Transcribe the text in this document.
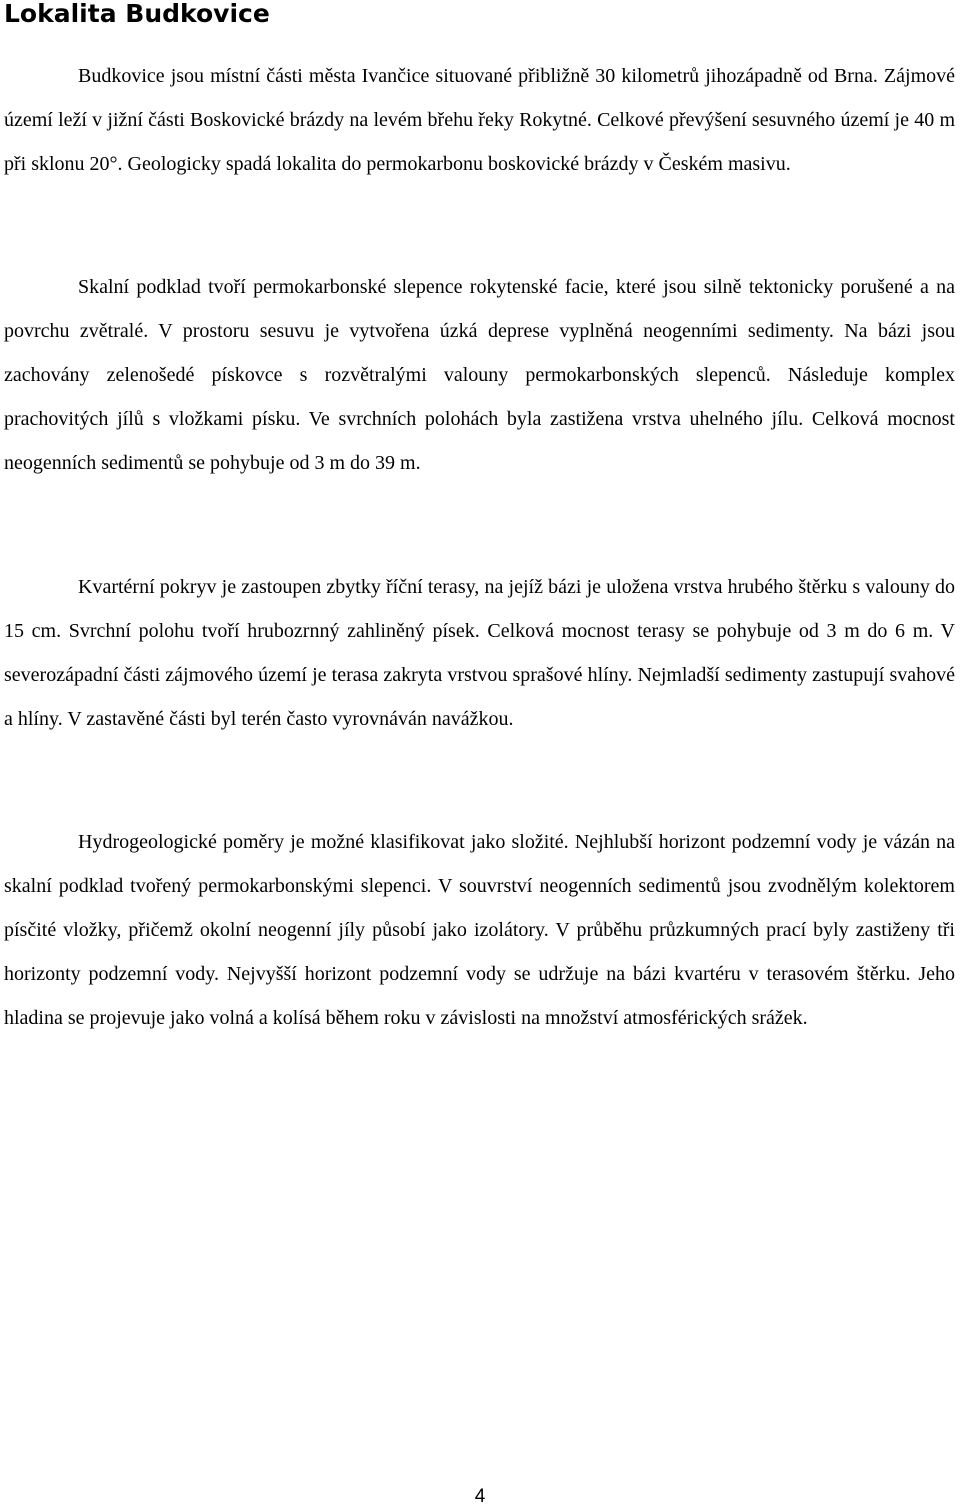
Lokalita Budkovice

Budkovice jsou místní části města Ivančice situované přibližně 30 kilometrů jihozápadně od Brna. Zájmové území leží v jižní části Boskovické brázdy na levém břehu řeky Rokytné. Celkové převýšení sesuvného území je 40 m při sklonu 20°. Geologicky spadá lokalita do permokarbonu boskovické brázdy v Českém masivu.

Skalní podklad tvoří permokarbonské slepence rokytenské facie, které jsou silně tektonicky porušené a na povrchu zvětralé. V prostoru sesuvu je vytvořena úzká deprese vyplněná neogenními sedimenty. Na bázi jsou zachovány zelenošedé pískovce s rozvětralými valouny permokarbonských slepenců. Následuje komplex prachovitých jílů s vložkami písku. Ve svrchních polohách byla zastižena vrstva uhelného jílu. Celková mocnost neogenních sedimentů se pohybuje od 3 m do 39 m.

Kvartérní pokryv je zastoupen zbytky říční terasy, na jejíž bázi je uložena vrstva hrubého štěrku s valouny do 15 cm. Svrchní polohu tvoří hrubozrnný zahliněný písek. Celková mocnost terasy se pohybuje od 3 m do 6 m. V severozápadní části zájmového území je terasa zakryta vrstvou sprašové hlíny. Nejmladší sedimenty zastupují svahové a hlíny. V zastavěné části byl terén často vyrovnáván navážkou.

Hydrogeologické poměry je možné klasifikovat jako složité. Nejhlubší horizont podzemní vody je vázán na skalní podklad tvořený permokarbonskými slepenci. V souvrství neogenních sedimentů jsou zvodnělým kolektorem písčité vložky, přičemž okolní neogenní jíly působí jako izolátory. V průběhu průzkumných prací byly zastiženy tři horizonty podzemní vody. Nejvyšší horizont podzemní vody se udržuje na bázi kvartéru v terasovém štěrku. Jeho hladina se projevuje jako volná a kolísá během roku v závislosti na množství atmosférických srážek.

4
